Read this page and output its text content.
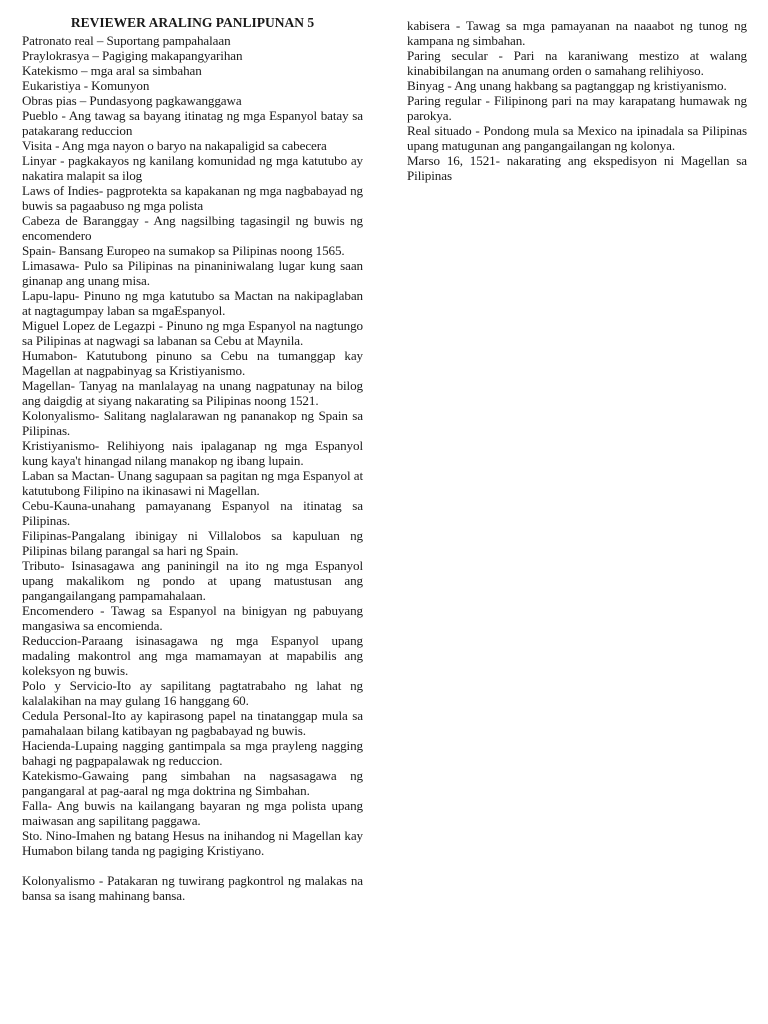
REVIEWER ARALING PANLIPUNAN 5
Patronato real – Suportang pampahalaan
Praylokrasya – Pagiging makapangyarihan
Katekismo – mga aral sa simbahan
Eukaristiya - Komunyon
Obras pias – Pundasyong pagkawanggawa
Pueblo - Ang tawag sa bayang itinatag ng mga Espanyol batay sa patakarang reduccion
Visita - Ang mga nayon o baryo na nakapaligid sa cabecera
Linyar - pagkakayos ng kanilang komunidad ng mga katutubo ay nakatira malapit sa ilog
Laws of Indies- pagprotekta sa kapakanan ng mga nagbabayad ng buwis sa pagaabuso ng mga polista
Cabeza de Baranggay - Ang nagsilbing tagasingil ng buwis ng encomendero
Spain- Bansang Europeo na sumakop sa Pilipinas noong 1565.
Limasawa- Pulo sa Pilipinas na pinaniniwalang lugar kung saan ginanap ang unang misa.
Lapu-lapu- Pinuno ng mga katutubo sa Mactan na nakipaglaban at nagtagumpay laban sa mgaEspanyol.
Miguel Lopez de Legazpi - Pinuno ng mga Espanyol na nagtungo sa Pilipinas at nagwagi sa labanan sa Cebu at Maynila.
Humabon- Katutubong pinuno sa Cebu na tumanggap kay Magellan at nagpabinyag sa Kristiyanismo.
Magellan- Tanyag na manlalayag na unang nagpatunay na bilog ang daigdig at siyang nakarating sa Pilipinas noong 1521.
Kolonyalismo- Salitang naglalarawan ng pananakop ng Spain sa Pilipinas.
Kristiyanismo- Relihiyong nais ipalaganap ng mga Espanyol kung kaya't hinangad nilang manakop ng ibang lupain.
Laban sa Mactan- Unang sagupaan sa pagitan ng mga Espanyol at katutubong Filipino na ikinasawi ni Magellan.
Cebu-Kauna-unahang pamayanang Espanyol na itinatag sa Pilipinas.
Filipinas-Pangalang ibinigay ni Villalobos sa kapuluan ng Pilipinas bilang parangal sa hari ng Spain.
Tributo- Isinasagawa ang paniningil na ito ng mga Espanyol upang makalikom ng pondo at upang matustusan ang pangangailangang pampamahalaan.
Encomendero - Tawag sa Espanyol na binigyan ng pabuyang mangasiwa sa encomienda.
Reduccion-Paraang isinasagawa ng mga Espanyol upang madaling makontrol ang mga mamamayan at mapabilis ang koleksyon ng buwis.
Polo y Servicio-Ito ay sapilitang pagtatrabaho ng lahat ng kalalakihan na may gulang 16 hanggang 60.
Cedula Personal-Ito ay kapirasong papel na tinatanggap mula sa pamahalaan bilang katibayan ng pagbabayad ng buwis.
Hacienda-Lupaing nagging gantimpala sa mga prayleng nagging bahagi ng pagpapalawak ng reduccion.
Katekismo-Gawaing pang simbahan na nagsasagawa ng pangangaral at pag-aaral ng mga doktrina ng Simbahan.
Falla- Ang buwis na kailangang bayaran ng mga polista upang maiwasan ang sapilitang paggawa.
Sto. Nino-Imahen ng batang Hesus na inihandog ni Magellan kay Humabon bilang tanda ng pagiging Kristiyano.
Kolonyalismo - Patakaran ng tuwirang pagkontrol ng malakas na bansa sa isang mahinang bansa.
kabisera - Tawag sa mga pamayanan na naaabot ng tunog ng kampana ng simbahan.
Paring secular - Pari na karaniwang mestizo at walang kinabibilangan na anumang orden o samahang relihiyoso.
Binyag - Ang unang hakbang sa pagtanggap ng kristiyanismo.
Paring regular - Filipinong pari na may karapatang humawak ng parokya.
Real situado - Pondong mula sa Mexico na ipinadala sa Pilipinas upang matugunan ang pangangailangan ng kolonya.
Marso 16, 1521- nakarating ang ekspedisyon ni Magellan sa Pilipinas
